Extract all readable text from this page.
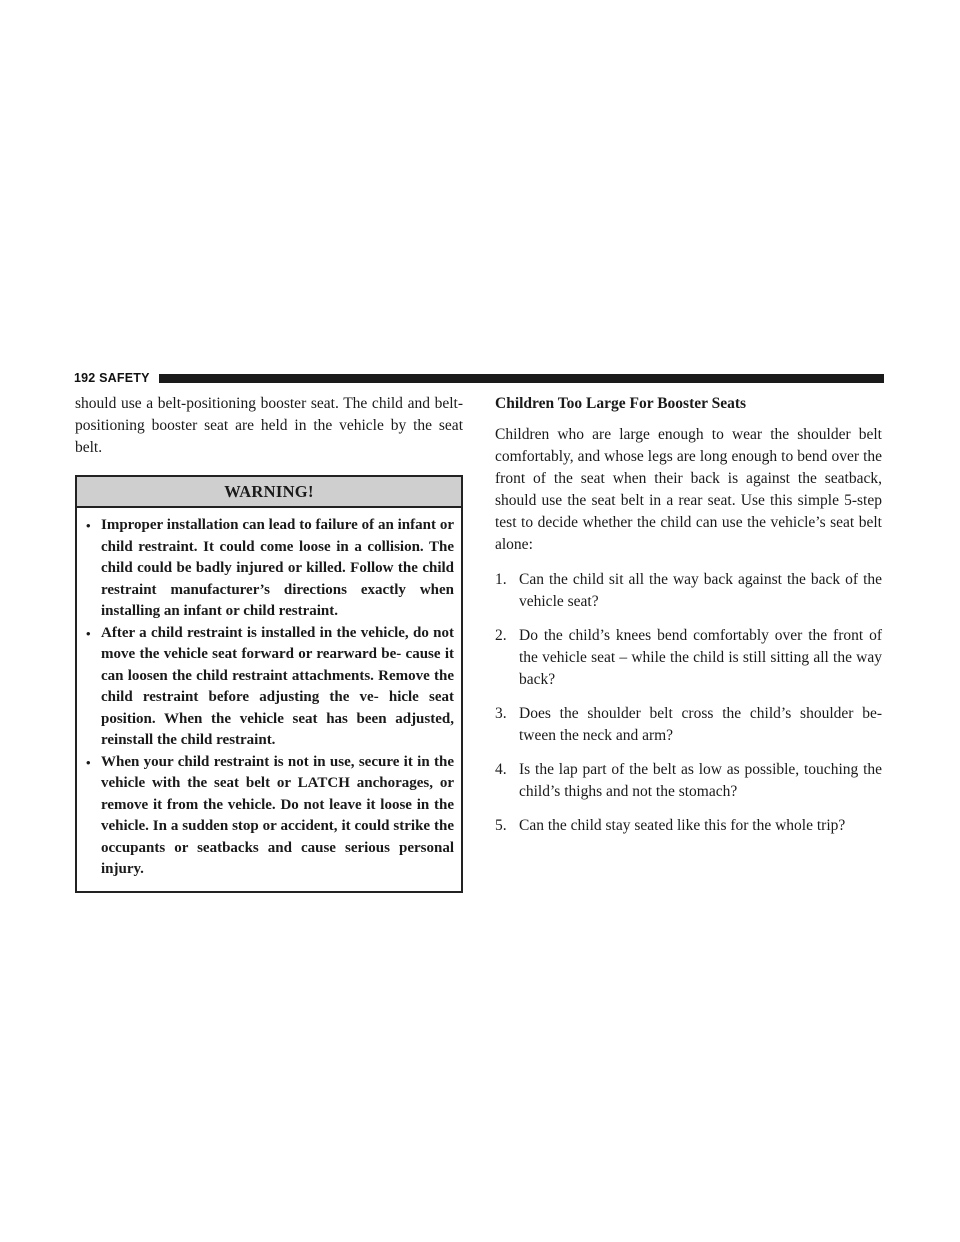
192 SAFETY

should use a belt-positioning booster seat. The child and belt-positioning booster seat are held in the vehicle by the seat belt.

WARNING!
• Improper installation can lead to failure of an infant or child restraint. It could come loose in a collision. The child could be badly injured or killed. Follow the child restraint manufacturer’s directions exactly when installing an infant or child restraint.
• After a child restraint is installed in the vehicle, do not move the vehicle seat forward or rearward be- cause it can loosen the child restraint attachments. Remove the child restraint before adjusting the ve- hicle seat position. When the vehicle seat has been adjusted, reinstall the child restraint.
• When your child restraint is not in use, secure it in the vehicle with the seat belt or LATCH anchorages, or remove it from the vehicle. Do not leave it loose in the vehicle. In a sudden stop or accident, it could strike the occupants or seatbacks and cause serious personal injury.
Children Too Large For Booster Seats

Children who are large enough to wear the shoulder belt comfortably, and whose legs are long enough to bend over the front of the seat when their back is against the seatback, should use the seat belt in a rear seat. Use this simple 5-step test to decide whether the child can use the vehicle’s seat belt alone:

1. Can the child sit all the way back against the back of the vehicle seat?
2. Do the child’s knees bend comfortably over the front of the vehicle seat – while the child is still sitting all the way back?
3. Does the shoulder belt cross the child’s shoulder be- tween the neck and arm?
4. Is the lap part of the belt as low as possible, touching the child’s thighs and not the stomach?
5. Can the child stay seated like this for the whole trip?
